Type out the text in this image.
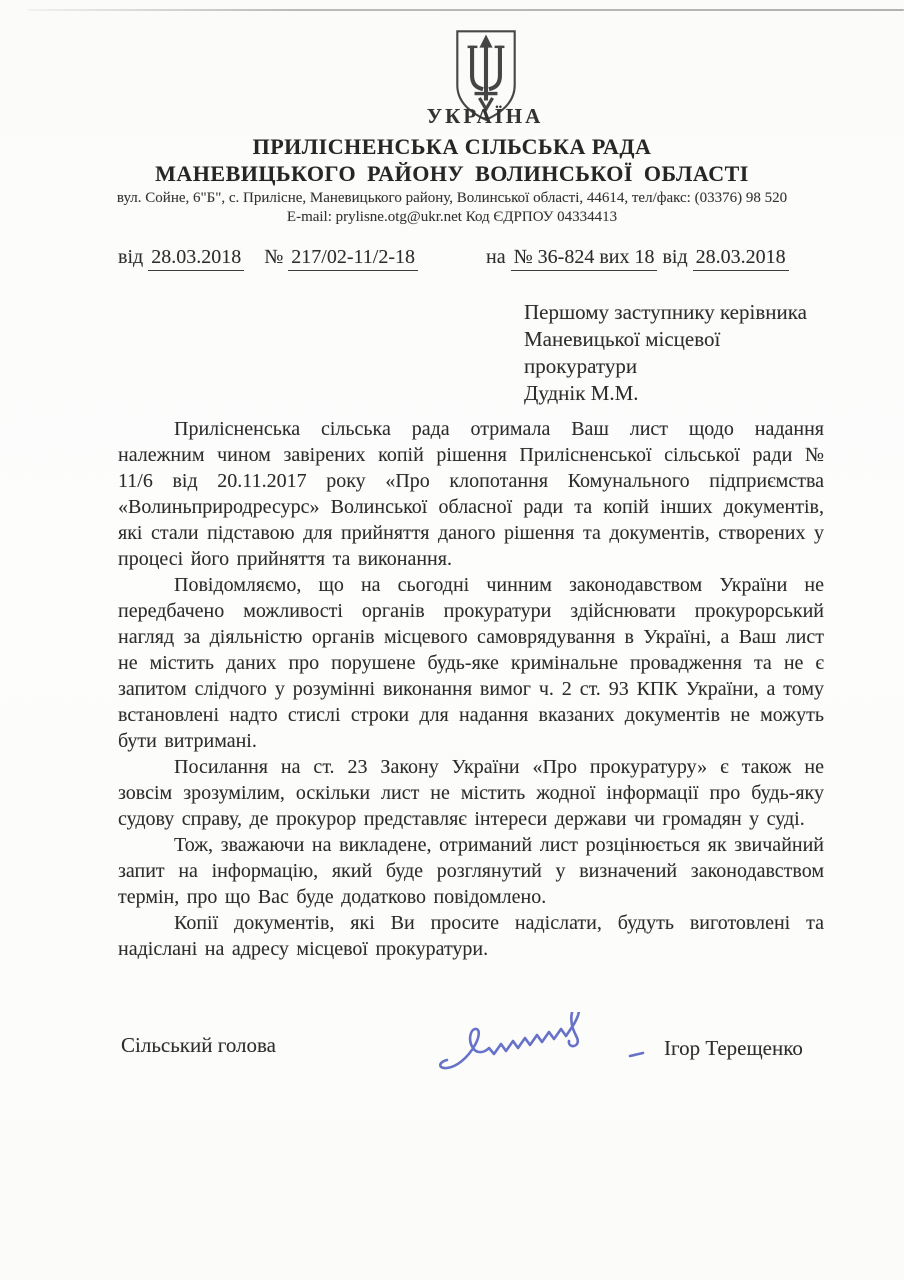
УКРАЇНА
ПРИЛІСНЕНСЬКА СІЛЬСЬКА РАДА
МАНЕВИЦЬКОГО РАЙОНУ ВОЛИНСЬКОЇ ОБЛАСТІ
вул. Сойне, 6"Б", с. Прилісне, Маневицького району, Волинської області, 44614, тел/факс: (03376) 98 520
E-mail: prylisne.otg@ukr.net Код ЄДРПОУ 04334413
від 28.03.2018 № 217/02-11/2-18	на № 36-824 вих 18 від 28.03.2018
Першому заступнику керівника
Маневицької місцевої
прокуратури
Дуднік М.М.

Прилісненська сільська рада отримала Ваш лист щодо надання належним чином завірених копій рішення Прилісненської сільської ради № 11/6 від 20.11.2017 року «Про клопотання Комунального підприємства «Волиньприродресурс» Волинської обласної ради та копій інших документів, які стали підставою для прийняття даного рішення та документів, створених у процесі його прийняття та виконання.

Повідомляємо, що на сьогодні чинним законодавством України не передбачено можливості органів прокуратури здійснювати прокурорський нагляд за діяльністю органів місцевого самоврядування в Україні, а Ваш лист не містить даних про порушене будь-яке кримінальне провадження та не є запитом слідчого у розумінні виконання вимог ч. 2 ст. 93 КПК України, а тому встановлені надто стислі строки для надання вказаних документів не можуть бути витримані.

Посилання на ст. 23 Закону України «Про прокуратуру» є також не зовсім зрозумілим, оскільки лист не містить жодної інформації про будь-яку судову справу, де прокурор представляє інтереси держави чи громадян у суді.

Тож, зважаючи на викладене, отриманий лист розцінюється як звичайний запит на інформацію, який буде розглянутий у визначений законодавством термін, про що Вас буде додатково повідомлено.

Копії документів, які Ви просите надіслати, будуть виготовлені та надіслані на адресу місцевої прокуратури.

Сільський голова	Ігор Терещенко
